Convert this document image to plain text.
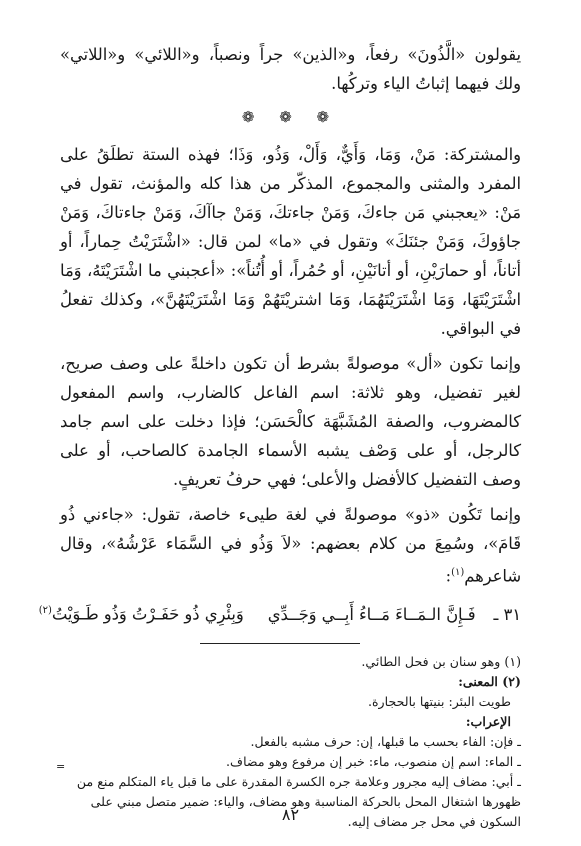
يقولون «الَّذُونَ» رفعاً، و«الذين» جراً ونصباً، و«اللائي» و«اللاتي» ولك فيهما إثباتُ الياء وتركُها.

❁ ❁ ❁

والمشتركة: مَنْ، وَمَا، وَأَيٌّ، وَأَلْ، وَذُو، وَذَا؛ فهذه الستة تطلَقُ على المفرد والمثنى والمجموع، المذكّر من هذا كله والمؤنث، تقول في مَنْ: «يعجبني مَن جاءكَ، وَمَنْ جاءتكَ، وَمَنْ جاآكَ، وَمَنْ جاءتاكَ، وَمَنْ جاؤوكَ، وَمَنْ جئنَكَ» وتقول في «ما» لمن قال: «اشْتَرَيْتُ حِماراً، أو أتاناً، أو حمارَيْنِ، أو أتانَيْنِ، أو حُمُراً، أو أُتُناً»: «أعجبني ما اشْتَرَيْتَهُ، وَمَا اشْتَرَيْتَهَا، وَمَا اشْتَرَيْتَهُمَا، وَمَا اشتريْتَهُمْ وَمَا اشْتَرَيْتَهُنَّ»، وكذلك تفعلُ في البواقي.

وإنما تكون «أل» موصولةً بشرط أن تكون داخلةً على وصف صريح، لغير تفضيل، وهو ثلاثة: اسم الفاعل كالضارب، واسم المفعول كالمضروب، والصفة المُشَبَّهَة كالْحَسَن؛ فإذا دخلت على اسم جامد كالرجل، أو على وَصْف يشبه الأسماء الجامدة كالصاحب، أو على وصف التفضيل كالأفضل والأعلى؛ فهي حرفُ تعريفٍ.

وإنما تَكُون «ذو» موصولةً في لغة طيىء خاصة، تقول: «جاءني ذُو قَامَ»، وسُمِعَ من كلام بعضهم: «لاَ وَذُو في السَّمَاء عَرْشُهُ»، وقال شاعرهم$^{(١)}$:

٣١ ـ
فَـإِنَّ الـمَــاءَ مَــاءُ أَبِــي وَجَــدِّي
وَبِئْرِي ذُو حَفَـرْتُ وَذُو طَـوَيْتُ$^{(٢)}$

(١) وهو سنان بن فحل الطائي.

(٢) المعنى:

طويت البئر: بنيتها بالحجارة.

الإعراب:

ـ فإن: الفاء بحسب ما قبلها، إن: حرف مشبه بالفعل.

ـ الماء: اسم إن منصوب، ماء: خبر إن مرفوع وهو مضاف.

ـ أبي: مضاف إليه مجرور وعلامة جره الكسرة المقدرة على ما قبل ياء المتكلم منع من ظهورها اشتغال المحل بالحركة المناسبة وهو مضاف، والياء: ضمير متصل مبني على السكون في محل جر مضاف إليه.

=
٨٢
